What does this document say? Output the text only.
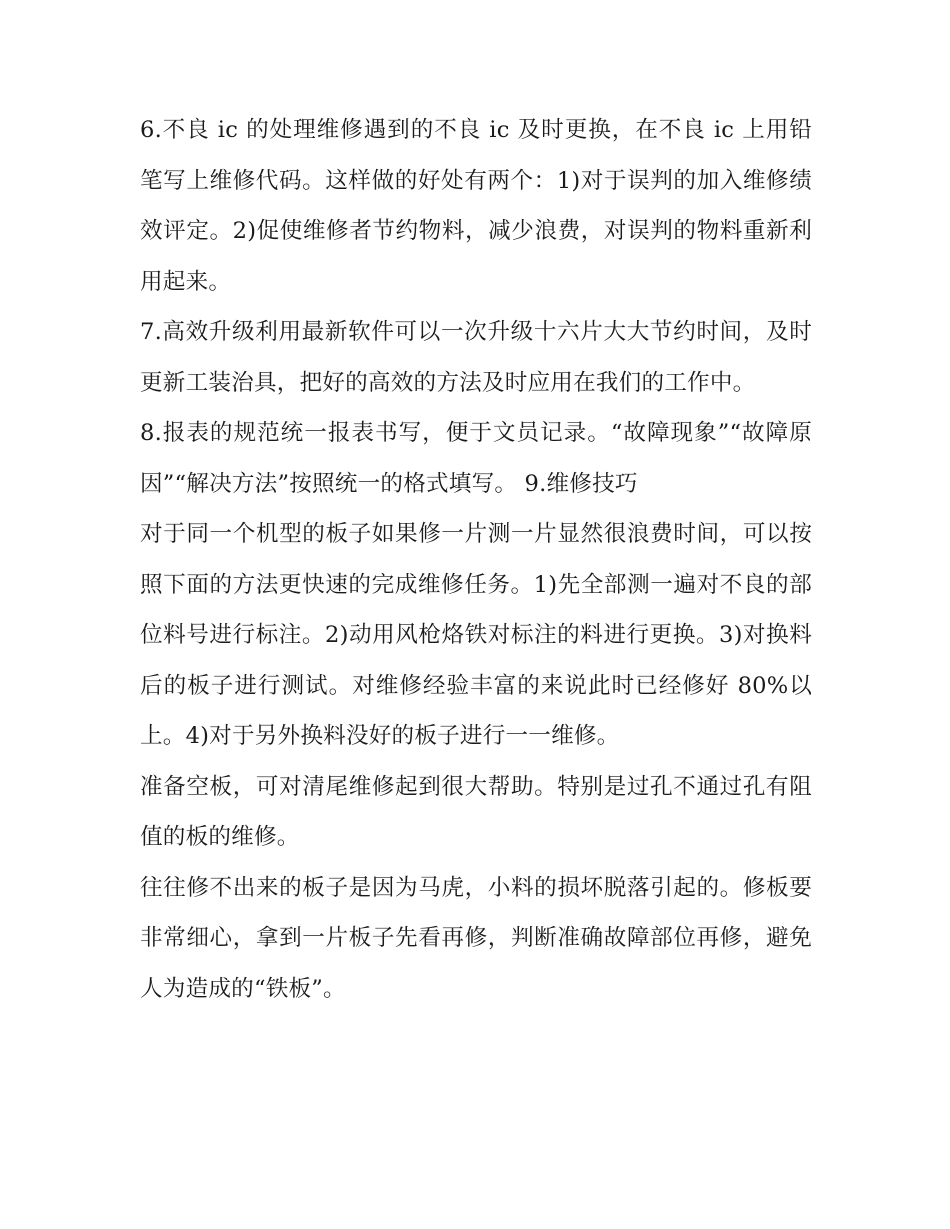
6.不良 ic 的处理维修遇到的不良 ic 及时更换，在不良 ic 上用铅笔写上维修代码。这样做的好处有两个：1)对于误判的加入维修绩效评定。2)促使维修者节约物料，减少浪费，对误判的物料重新利用起来。

7.高效升级利用最新软件可以一次升级十六片大大节约时间，及时更新工装治具，把好的高效的方法及时应用在我们的工作中。

8.报表的规范统一报表书写，便于文员记录。“故障现象”“故障原因”“解决方法”按照统一的格式填写。 9.维修技巧

对于同一个机型的板子如果修一片测一片显然很浪费时间，可以按照下面的方法更快速的完成维修任务。1)先全部测一遍对不良的部位料号进行标注。2)动用风枪烙铁对标注的料进行更换。3)对换料后的板子进行测试。对维修经验丰富的来说此时已经修好 80%以上。4)对于另外换料没好的板子进行一一维修。

准备空板，可对清尾维修起到很大帮助。特别是过孔不通过孔有阻值的板的维修。

往往修不出来的板子是因为马虎，小料的损坏脱落引起的。修板要非常细心，拿到一片板子先看再修，判断准确故障部位再修，避免人为造成的“铁板”。
